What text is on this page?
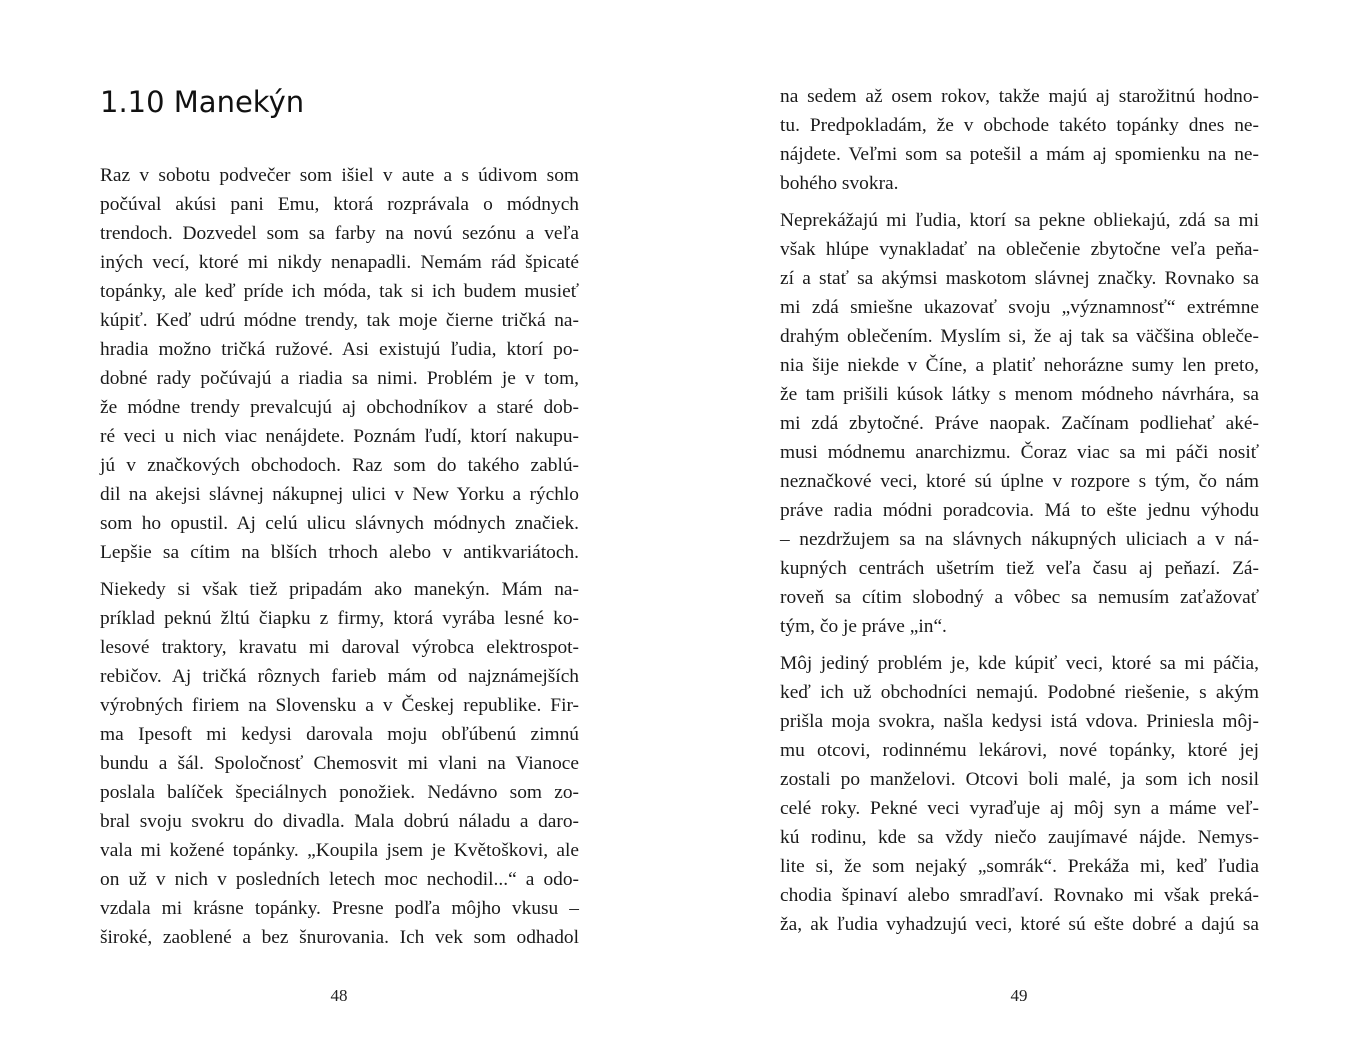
1.10 Manekýn

Raz v sobotu podvečer som išiel v aute a s údivom som
počúval akúsi pani Emu, ktorá rozprávala o módnych
trendoch. Dozvedel som sa farby na novú sezónu a veľa
iných vecí, ktoré mi nikdy nenapadli. Nemám rád špicaté
topánky, ale keď príde ich móda, tak si ich budem musieť
kúpiť. Keď udrú módne trendy, tak moje čierne tričká na-
hradia možno tričká ružové. Asi existujú ľudia, ktorí po-
dobné rady počúvajú a riadia sa nimi. Problém je v tom,
že módne trendy prevalcujú aj obchodníkov a staré dob-
ré veci u nich viac nenájdete. Poznám ľudí, ktorí nakupu-
jú v značkových obchodoch. Raz som do takého zablú-
dil na akejsi slávnej nákupnej ulici v New Yorku a rýchlo
som ho opustil. Aj celú ulicu slávnych módnych značiek.
Lepšie sa cítim na blších trhoch alebo v antikvariátoch.

Niekedy si však tiež pripadám ako manekýn. Mám na-
príklad peknú žltú čiapku z firmy, ktorá vyrába lesné ko-
lesové traktory, kravatu mi daroval výrobca elektrospot-
rebičov. Aj tričká rôznych farieb mám od najznámejších
výrobných firiem na Slovensku a v Českej republike. Fir-
ma Ipesoft mi kedysi darovala moju obľúbenú zimnú
bundu a šál. Spoločnosť Chemosvit mi vlani na Vianoce
poslala balíček špeciálnych ponožiek. Nedávno som zo-
bral svoju svokru do divadla. Mala dobrú náladu a daro-
vala mi kožené topánky. „Koupila jsem je Květoškovi, ale
on už v nich v posledních letech moc nechodil...“ a odo-
vzdala mi krásne topánky. Presne podľa môjho vkusu –
široké, zaoblené a bez šnurovania. Ich vek som odhadol

48

na sedem až osem rokov, takže majú aj starožitnú hodno-
tu. Predpokladám, že v obchode takéto topánky dnes ne-
nájdete. Veľmi som sa potešil a mám aj spomienku na ne-
bohého svokra.

Neprekážajú mi ľudia, ktorí sa pekne obliekajú, zdá sa mi
však hlúpe vynakladať na oblečenie zbytočne veľa peňa-
zí a stať sa akýmsi maskotom slávnej značky. Rovnako sa
mi zdá smiešne ukazovať svoju „významnosť“ extrémne
drahým oblečením. Myslím si, že aj tak sa väčšina obleče-
nia šije niekde v Číne, a platiť nehorázne sumy len preto,
že tam prišili kúsok látky s menom módneho návrhára, sa
mi zdá zbytočné. Práve naopak. Začínam podliehať aké-
musi módnemu anarchizmu. Čoraz viac sa mi páči nosiť
neznačkové veci, ktoré sú úplne v rozpore s tým, čo nám
práve radia módni poradcovia. Má to ešte jednu výhodu
– nezdržujem sa na slávnych nákupných uliciach a v ná-
kupných centrách ušetrím tiež veľa času aj peňazí. Zá-
roveň sa cítim slobodný a vôbec sa nemusím zaťažovať
tým, čo je práve „in“.

Môj jediný problém je, kde kúpiť veci, ktoré sa mi páčia,
keď ich už obchodníci nemajú. Podobné riešenie, s akým
prišla moja svokra, našla kedysi istá vdova. Priniesla môj-
mu otcovi, rodinnému lekárovi, nové topánky, ktoré jej
zostali po manželovi. Otcovi boli malé, ja som ich nosil
celé roky. Pekné veci vyraďuje aj môj syn a máme veľ-
kú rodinu, kde sa vždy niečo zaujímavé nájde. Nemys-
lite si, že som nejaký „somrák“. Prekáža mi, keď ľudia
chodia špinaví alebo smradľaví. Rovnako mi však preká-
ža, ak ľudia vyhadzujú veci, ktoré sú ešte dobré a dajú sa

49
